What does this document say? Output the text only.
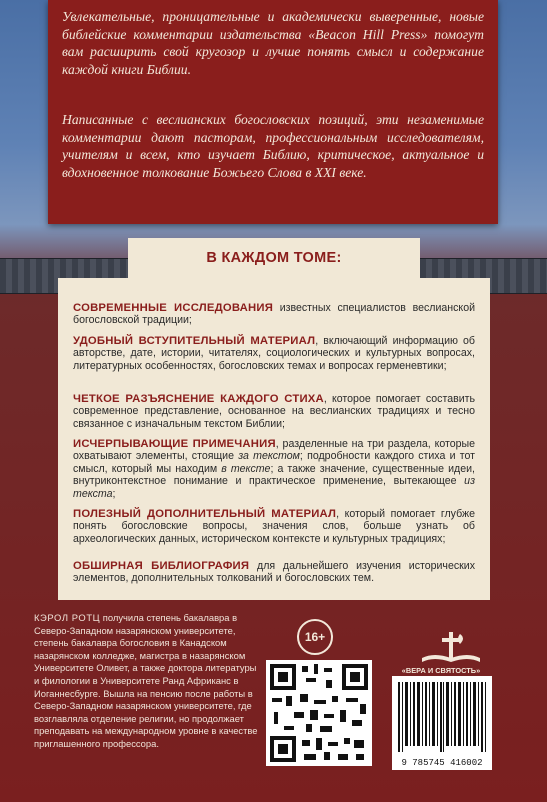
Увлекательные, проницательные и академически выверенные, новые библейские комментарии издательства «Beacon Hill Press» помогут вам расширить свой кругозор и лучше понять смысл и содержание каждой книги Библии.

Написанные с веслианских богословских позиций, эти незаменимые комментарии дают пасторам, профессиональным исследователям, учителям и всем, кто изучает Библию, критическое, актуальное и вдохновенное толкование Божьего Слова в XXI веке.

В КАЖДОМ ТОМЕ:
СОВРЕМЕННЫЕ ИССЛЕДОВАНИЯ известных специалистов веслианской богословской традиции;
УДОБНЫЙ ВСТУПИТЕЛЬНЫЙ МАТЕРИАЛ, включающий информацию об авторстве, дате, истории, читателях, социологических и культурных вопросах, литературных особенностях, богословских темах и вопросах герменевтики;
ЧЕТКОЕ РАЗЪЯСНЕНИЕ КАЖДОГО СТИХА, которое помогает составить современное представление, основанное на веслианских традициях и тесно связанное с изначальным текстом Библии;
ИСЧЕРПЫВАЮЩИЕ ПРИМЕЧАНИЯ, разделенные на три раздела, которые охватывают элементы, стоящие за текстом; подробности каждого стиха и тот смысл, который мы находим в тексте; а также значение, существенные идеи, внутриконтекстное понимание и практическое применение, вытекающее из текста;
ПОЛЕЗНЫЙ ДОПОЛНИТЕЛЬНЫЙ МАТЕРИАЛ, который помогает глубже понять богословские вопросы, значения слов, больше узнать об археологических данных, историческом контексте и культурных традициях;
ОБШИРНАЯ БИБЛИОГРАФИЯ для дальнейшего изучения исторических элементов, дополнительных толкований и богословских тем.
КЭРОЛ РОТЦ получила степень бакалавра в Северо-Западном назарянском университете, степень бакалавра богословия в Канадском назарянском колледже, магистра в назарянском Университете Оливет, а также доктора литературы и филологии в Университете Ранд Африканс в Иоганнесбурге. Вышла на пенсию после работы в Северо-Западном назарянском университете, где возглавляла отделение религии, но продолжает преподавать на международном уровне в качестве приглашенного профессора.
16+
«ВЕРА И СВЯТОСТЬ»
9 785745 416002
